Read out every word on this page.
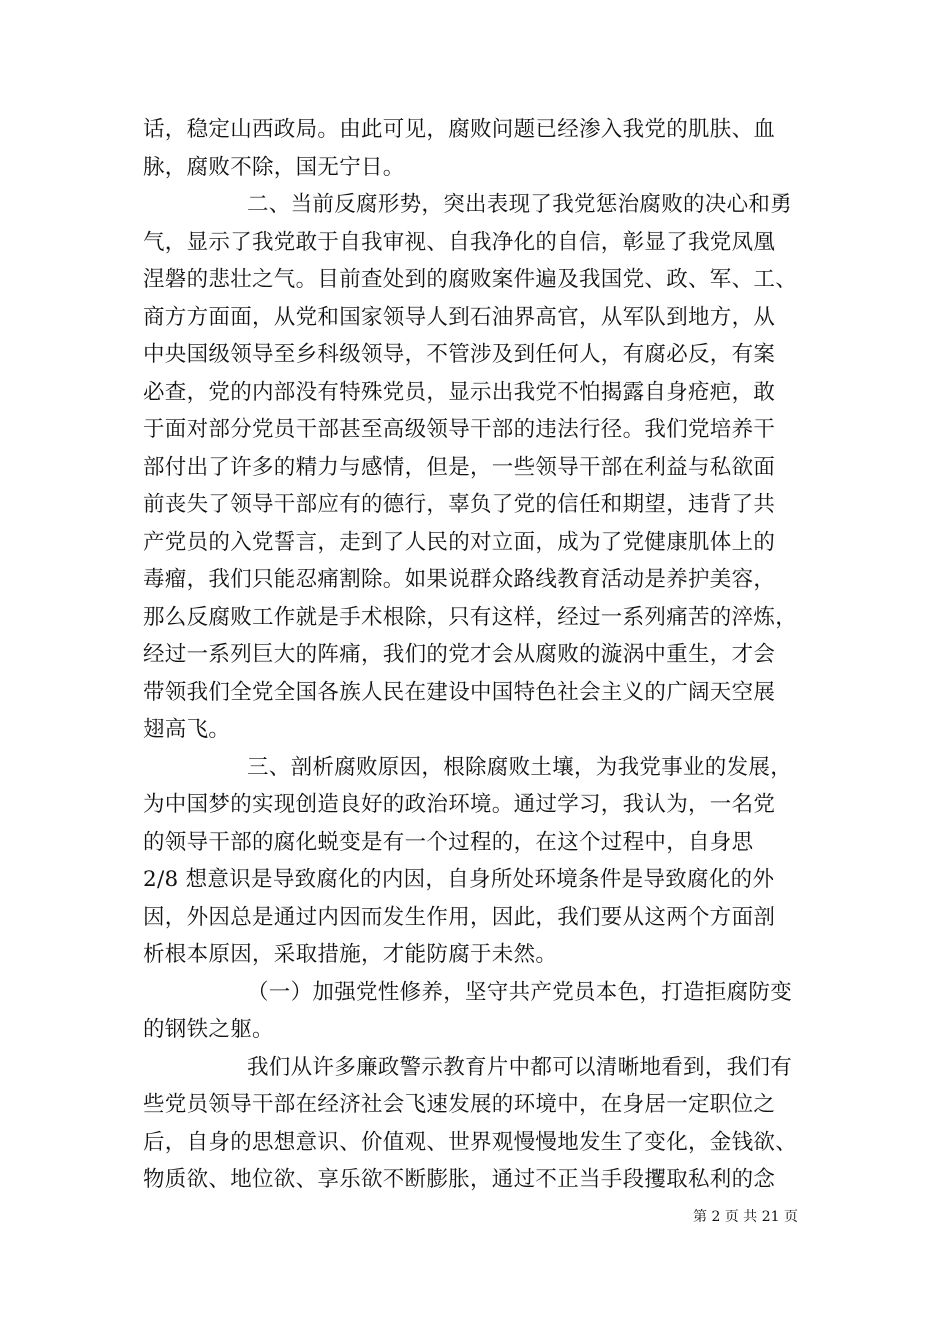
话，稳定山西政局。由此可见，腐败问题已经渗入我党的肌肤、血
脉，腐败不除，国无宁日。
二、当前反腐形势，突出表现了我党惩治腐败的决心和勇
气，显示了我党敢于自我审视、自我净化的自信，彰显了我党凤凰
涅磐的悲壮之气。目前查处到的腐败案件遍及我国党、政、军、工、
商方方面面，从党和国家领导人到石油界高官，从军队到地方，从
中央国级领导至乡科级领导，不管涉及到任何人，有腐必反，有案
必查，党的内部没有特殊党员，显示出我党不怕揭露自身疮疤，敢
于面对部分党员干部甚至高级领导干部的违法行径。我们党培养干
部付出了许多的精力与感情，但是，一些领导干部在利益与私欲面
前丧失了领导干部应有的德行，辜负了党的信任和期望，违背了共
产党员的入党誓言，走到了人民的对立面，成为了党健康肌体上的
毒瘤，我们只能忍痛割除。如果说群众路线教育活动是养护美容，
那么反腐败工作就是手术根除，只有这样，经过一系列痛苦的淬炼，
经过一系列巨大的阵痛，我们的党才会从腐败的漩涡中重生，才会
带领我们全党全国各族人民在建设中国特色社会主义的广阔天空展
翅高飞。
三、剖析腐败原因，根除腐败土壤，为我党事业的发展，
为中国梦的实现创造良好的政治环境。通过学习，我认为，一名党
的领导干部的腐化蜕变是有一个过程的，在这个过程中，自身思
2/8 想意识是导致腐化的内因，自身所处环境条件是导致腐化的外
因，外因总是通过内因而发生作用，因此，我们要从这两个方面剖
析根本原因，采取措施，才能防腐于未然。
（一）加强党性修养，坚守共产党员本色，打造拒腐防变
的钢铁之躯。
我们从许多廉政警示教育片中都可以清晰地看到，我们有
些党员领导干部在经济社会飞速发展的环境中，在身居一定职位之
后，自身的思想意识、价值观、世界观慢慢地发生了变化，金钱欲、
物质欲、地位欲、享乐欲不断膨胀，通过不正当手段攫取私利的念
第 2 页 共 21 页
